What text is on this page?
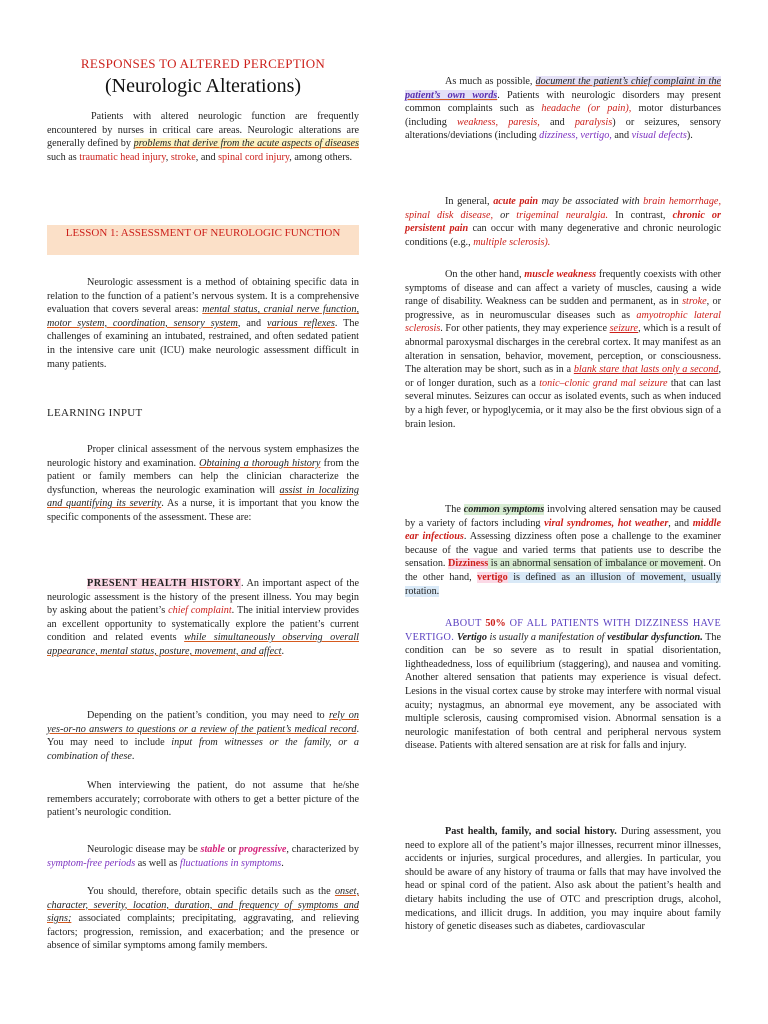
RESPONSES TO ALTERED PERCEPTION
(Neurologic Alterations)

Patients with altered neurologic function are frequently encountered by nurses in critical care areas. Neurologic alterations are generally defined by problems that derive from the acute aspects of diseases such as traumatic head injury, stroke, and spinal cord injury, among others.

LESSON 1: ASSESSMENT OF NEUROLOGIC FUNCTION

Neurologic assessment is a method of obtaining specific data in relation to the function of a patient’s nervous system. It is a comprehensive evaluation that covers several areas: mental status, cranial nerve function, motor system, coordination, sensory system, and various reflexes. The challenges of examining an intubated, restrained, and often sedated patient in the intensive care unit (ICU) make neurologic assessment difficult in many patients.

LEARNING INPUT

Proper clinical assessment of the nervous system emphasizes the neurologic history and examination. Obtaining a thorough history from the patient or family members can help the clinician characterize the dysfunction, whereas the neurologic examination will assist in localizing and quantifying its severity. As a nurse, it is important that you know the specific components of the assessment. These are:

PRESENT HEALTH HISTORY. An important aspect of the neurologic assessment is the history of the present illness. You may begin by asking about the patient’s chief complaint. The initial interview provides an excellent opportunity to systematically explore the patient’s current condition and related events while simultaneously observing overall appearance, mental status, posture, movement, and affect.

Depending on the patient’s condition, you may need to rely on yes-or-no answers to questions or a review of the patient’s medical record. You may need to include input from witnesses or the family, or a combination of these.

When interviewing the patient, do not assume that he/she remembers accurately; corroborate with others to get a better picture of the patient’s neurologic condition.

Neurologic disease may be stable or progressive, characterized by symptom-free periods as well as fluctuations in symptoms.

You should, therefore, obtain specific details such as the onset, character, severity, location, duration, and frequency of symptoms and signs; associated complaints; precipitating, aggravating, and relieving factors; progression, remission, and exacerbation; and the presence or absence of similar symptoms among family members.

As much as possible, document the patient’s chief complaint in the patient’s own words. Patients with neurologic disorders may present common complaints such as headache (or pain), motor disturbances (including weakness, paresis, and paralysis) or seizures, sensory alterations/deviations (including dizziness, vertigo, and visual defects).

In general, acute pain may be associated with brain hemorrhage, spinal disk disease, or trigeminal neuralgia. In contrast, chronic or persistent pain can occur with many degenerative and chronic neurologic conditions (e.g., multiple sclerosis).

On the other hand, muscle weakness frequently coexists with other symptoms of disease and can affect a variety of muscles, causing a wide range of disability. Weakness can be sudden and permanent, as in stroke, or progressive, as in neuromuscular diseases such as amyotrophic lateral sclerosis. For other patients, they may experience seizure, which is a result of abnormal paroxysmal discharges in the cerebral cortex. It may manifest as an alteration in sensation, behavior, movement, perception, or consciousness. The alteration may be short, such as in a blank stare that lasts only a second, or of longer duration, such as a tonic–clonic grand mal seizure that can last several minutes. Seizures can occur as isolated events, such as when induced by a high fever, or hypoglycemia, or it may also be the first obvious sign of a brain lesion.

The common symptoms involving altered sensation may be caused by a variety of factors including viral syndromes, hot weather, and middle ear infectious. Assessing dizziness often pose a challenge to the examiner because of the vague and varied terms that patients use to describe the sensation. Dizziness is an abnormal sensation of imbalance or movement. On the other hand, vertigo is defined as an illusion of movement, usually rotation.

ABOUT 50% OF ALL PATIENTS WITH DIZZINESS HAVE VERTIGO. Vertigo is usually a manifestation of vestibular dysfunction. The condition can be so severe as to result in spatial disorientation, lightheadedness, loss of equilibrium (staggering), and nausea and vomiting. Another altered sensation that patients may experience is visual defect. Lesions in the visual cortex cause by stroke may interfere with normal visual acuity; nystagmus, an abnormal eye movement, any be associated with multiple sclerosis, causing compromised vision. Abnormal sensation is a neurologic manifestation of both central and peripheral nervous system disease. Patients with altered sensation are at risk for falls and injury.

Past health, family, and social history. During assessment, you need to explore all of the patient’s major illnesses, recurrent minor illnesses, accidents or injuries, surgical procedures, and allergies. In particular, you should be aware of any history of trauma or falls that may have involved the head or spinal cord of the patient. Also ask about the patient’s health and dietary habits including the use of OTC and prescription drugs, alcohol, medications, and illicit drugs. In addition, you may inquire about family history of genetic diseases such as diabetes, cardiovascular
